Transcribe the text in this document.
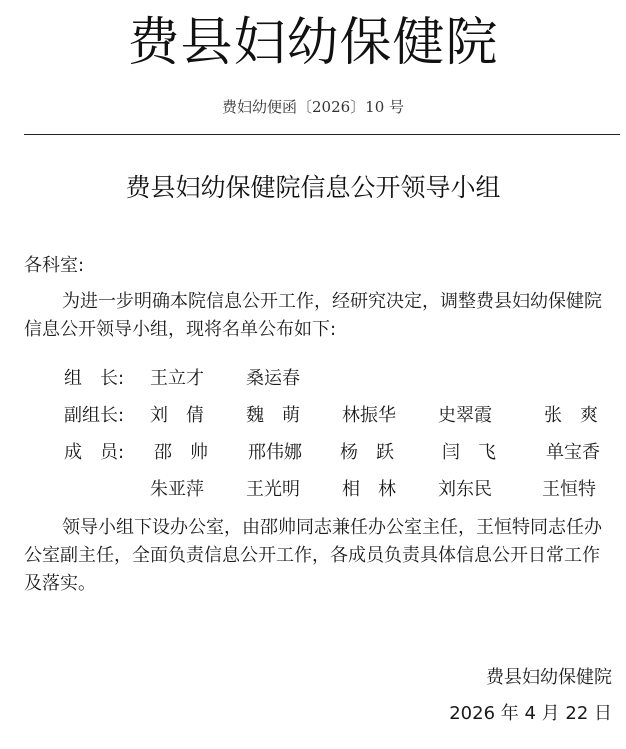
费县妇幼保健院
费妇幼便函〔2026〕10 号
费县妇幼保健院信息公开领导小组
各科室:
为进一步明确本院信息公开工作，经研究决定，调整费县妇幼保健院信息公开领导小组，现将名单公布如下:
组　长:	王立才 桑运春
副组长:	刘　倩 魏　萌 林振华 史翠霞	张　爽
成　员:	邵　帅 邢伟娜 杨　跃	闫　飞	单宝香
朱亚萍 王光明 相　林 刘东民	王恒特
领导小组下设办公室，由邵帅同志兼任办公室主任，王恒特同志任办公室副主任，全面负责信息公开工作，各成员负责具体信息公开日常工作及落实。
费县妇幼保健院
2026 年 4 月 22 日
